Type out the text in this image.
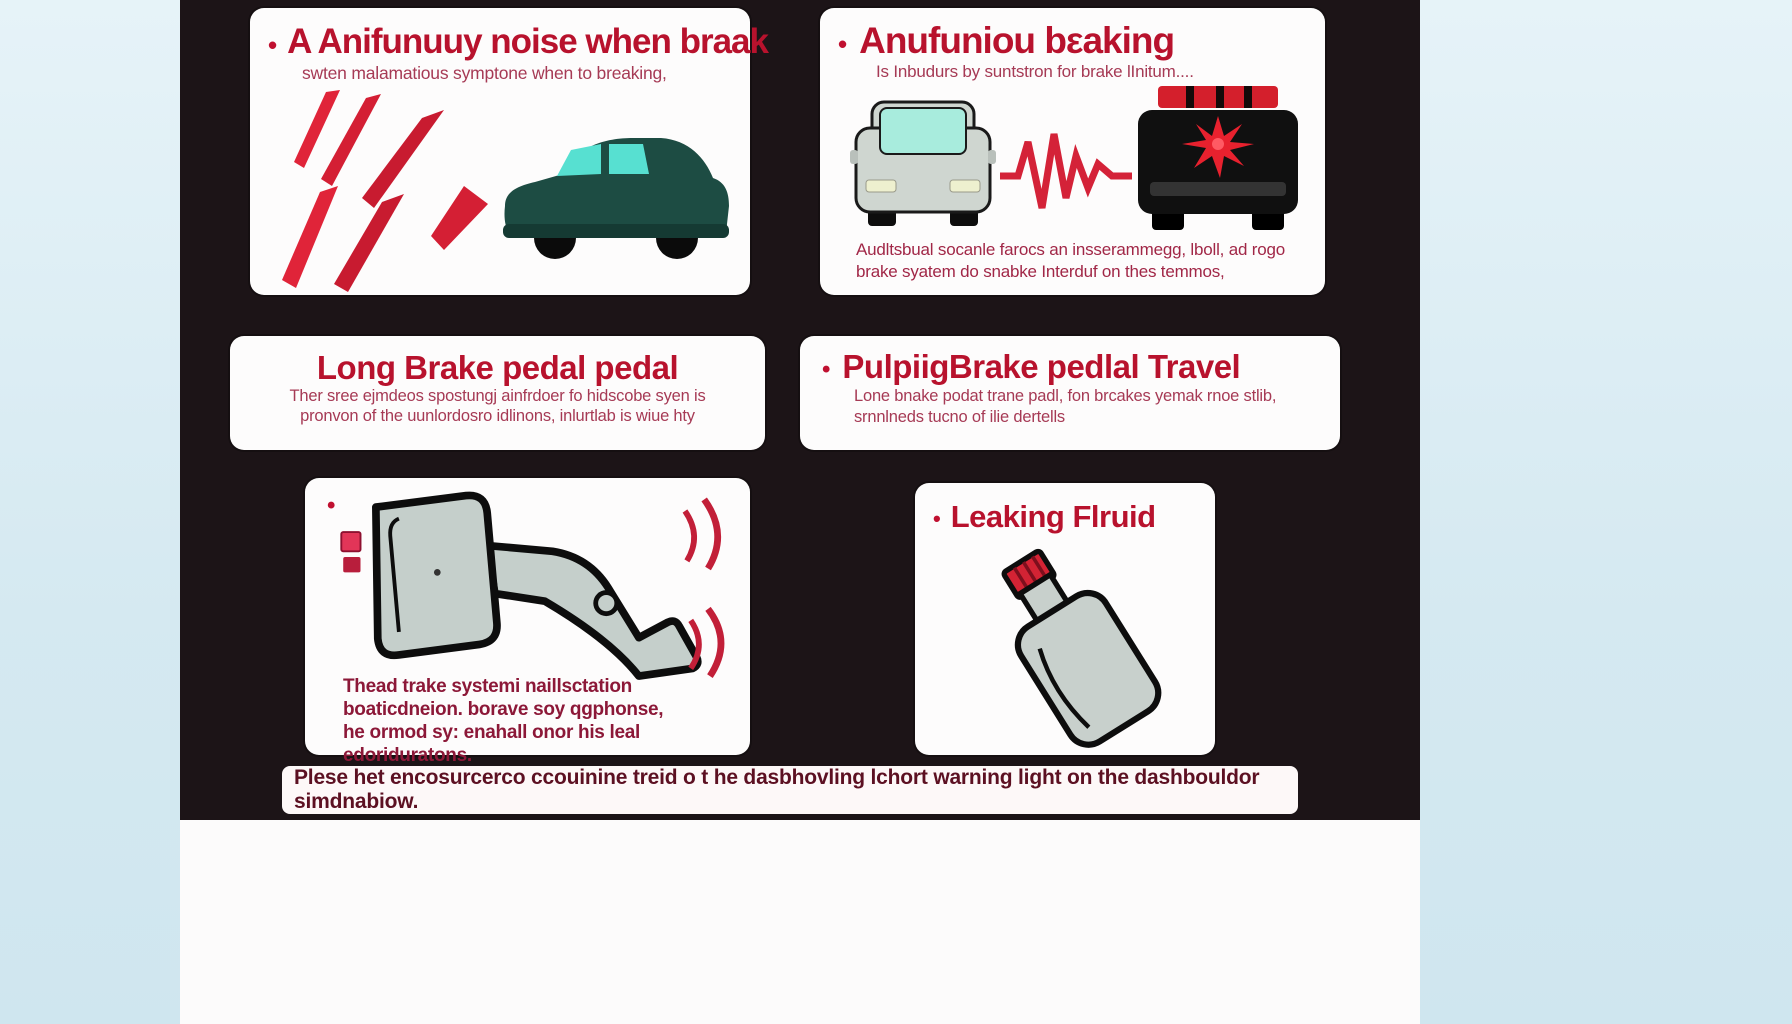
• A Anifunuuy noise when braak
swten malamatious symptone when to breaking,
• Anufuniou bεaking
Is Inbudurs by suntstron for brake lInitum....
Audltsbual socanle farocs an insserammegg, lboll, ad rogo
brake syatem do snabke Interduf on thes temmos,
Long Brake pedal pedal
Ther sree ejmdeos spostungj ainfrdoer fo hidscobe syen is
pronvon of the uunlordosro idlinons, inlurtlab is wiue hty
• PulpiigBrake pedlal Travel
Lone bnake podat trane padl, fon brcakes yemak rnoe stlib,
srnnlneds tucno of ilie dertells
•
Thead trake systemi naillsctation
boaticdneion. borave soy qgphonse,
he ormod sy: enahall onor his leal edoriduratons.
• Leaking Flruid
Plese het encosurcerco ccouinine treid o t he dasbhovling lchort warning light on the dashbouldor simdnabiow.
